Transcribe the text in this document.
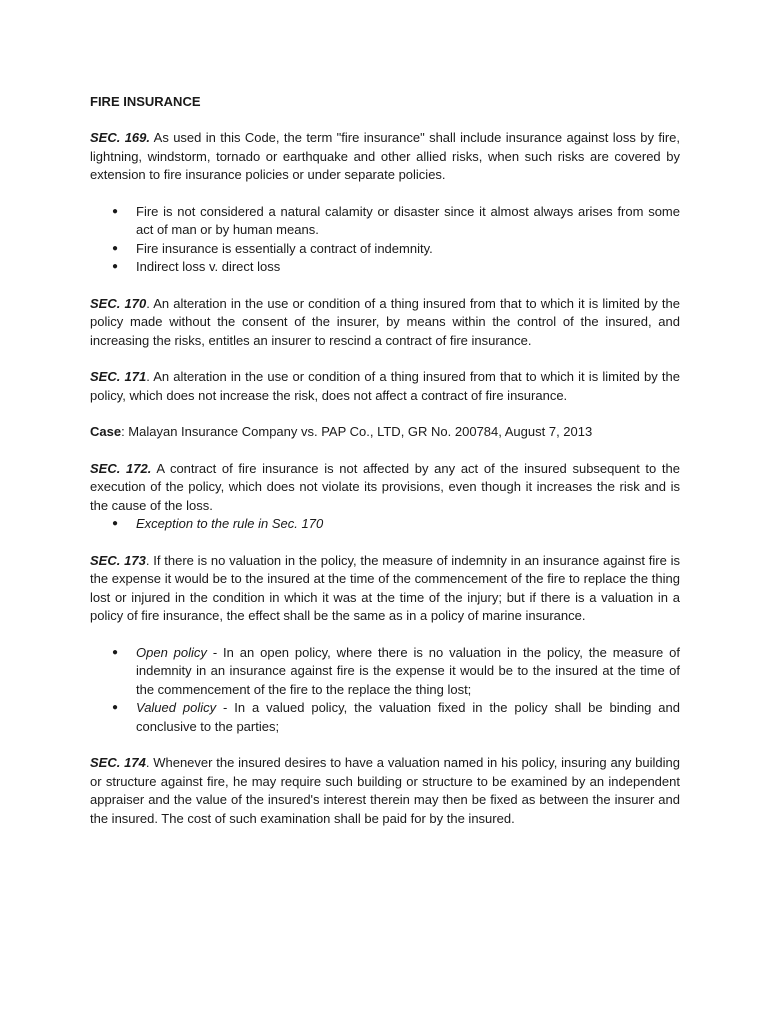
FIRE INSURANCE

SEC. 169. As used in this Code, the term "fire insurance" shall include insurance against loss by fire, lightning, windstorm, tornado or earthquake and other allied risks, when such risks are covered by extension to fire insurance policies or under separate policies.

● Fire is not considered a natural calamity or disaster since it almost always arises from some act of man or by human means.
● Fire insurance is essentially a contract of indemnity.
● Indirect loss v. direct loss

SEC. 170. An alteration in the use or condition of a thing insured from that to which it is limited by the policy made without the consent of the insurer, by means within the control of the insured, and increasing the risks, entitles an insurer to rescind a contract of fire insurance.

SEC. 171. An alteration in the use or condition of a thing insured from that to which it is limited by the policy, which does not increase the risk, does not affect a contract of fire insurance.

Case: Malayan Insurance Company vs. PAP Co., LTD, GR No. 200784, August 7, 2013

SEC. 172. A contract of fire insurance is not affected by any act of the insured subsequent to the execution of the policy, which does not violate its provisions, even though it increases the risk and is the cause of the loss.

● Exception to the rule in Sec. 170

SEC. 173. If there is no valuation in the policy, the measure of indemnity in an insurance against fire is the expense it would be to the insured at the time of the commencement of the fire to replace the thing lost or injured in the condition in which it was at the time of the injury; but if there is a valuation in a policy of fire insurance, the effect shall be the same as in a policy of marine insurance.

● Open policy - In an open policy, where there is no valuation in the policy, the measure of indemnity in an insurance against fire is the expense it would be to the insured at the time of the commencement of the fire to the replace the thing lost;
● Valued policy - In a valued policy, the valuation fixed in the policy shall be binding and conclusive to the parties;

SEC. 174. Whenever the insured desires to have a valuation named in his policy, insuring any building or structure against fire, he may require such building or structure to be examined by an independent appraiser and the value of the insured's interest therein may then be fixed as between the insurer and the insured. The cost of such examination shall be paid for by the insured.
